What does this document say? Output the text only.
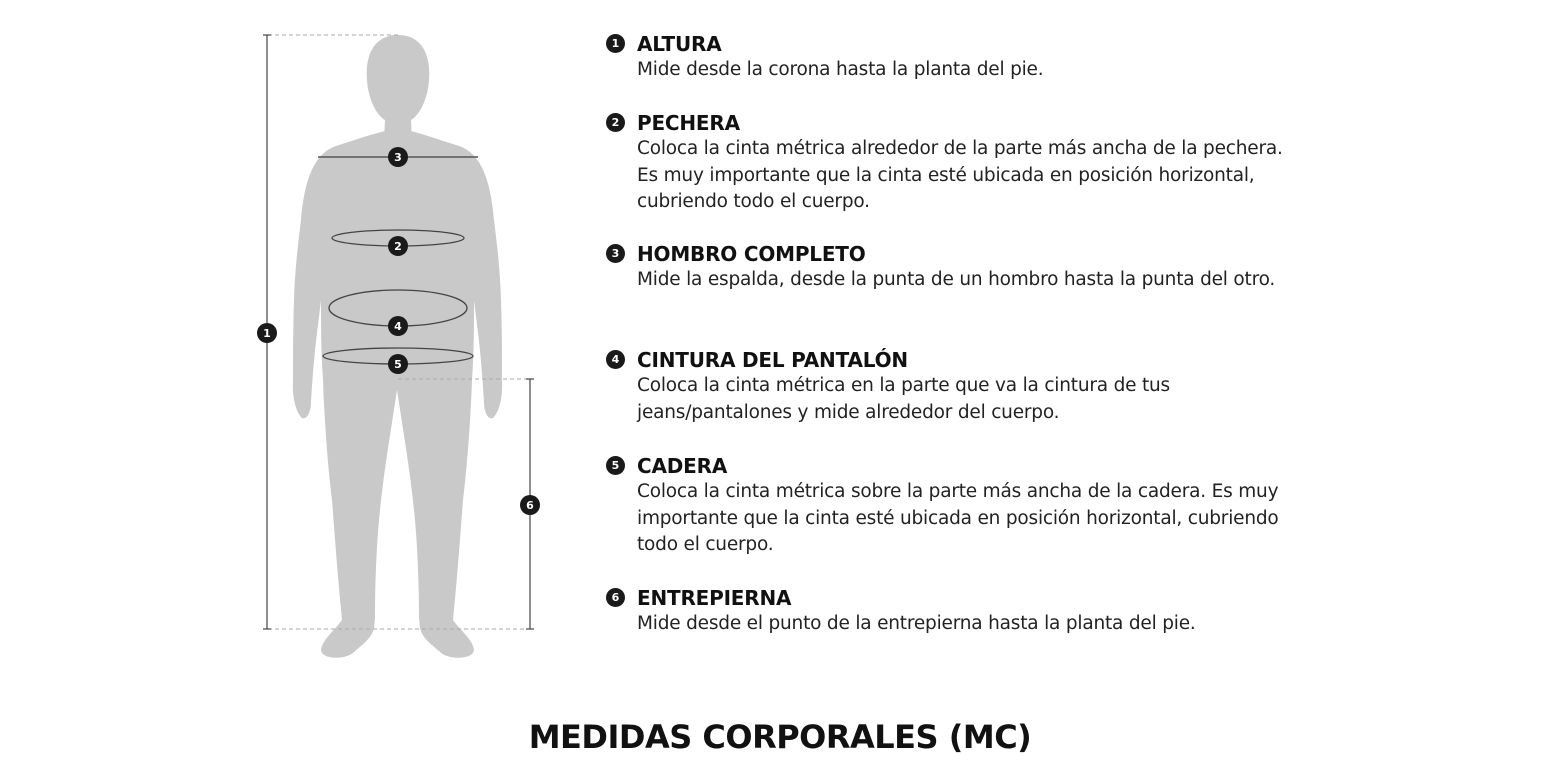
3
2
4
5
1
6
1 ALTURA
Mide desde la corona hasta la planta del pie.
2 PECHERA
Coloca la cinta métrica alrededor de la parte más ancha de la pechera. Es muy importante que la cinta esté ubicada en posición horizontal, cubriendo todo el cuerpo.
3 HOMBRO COMPLETO
Mide la espalda, desde la punta de un hombro hasta la punta del otro.
4 CINTURA DEL PANTALÓN
Coloca la cinta métrica en la parte que va la cintura de tus jeans/pantalones y mide alrededor del cuerpo.
5 CADERA
Coloca la cinta métrica sobre la parte más ancha de la cadera. Es muy importante que la cinta esté ubicada en posición horizontal, cubriendo todo el cuerpo.
6 ENTREPIERNA
Mide desde el punto de la entrepierna hasta la planta del pie.
MEDIDAS CORPORALES (MC)
